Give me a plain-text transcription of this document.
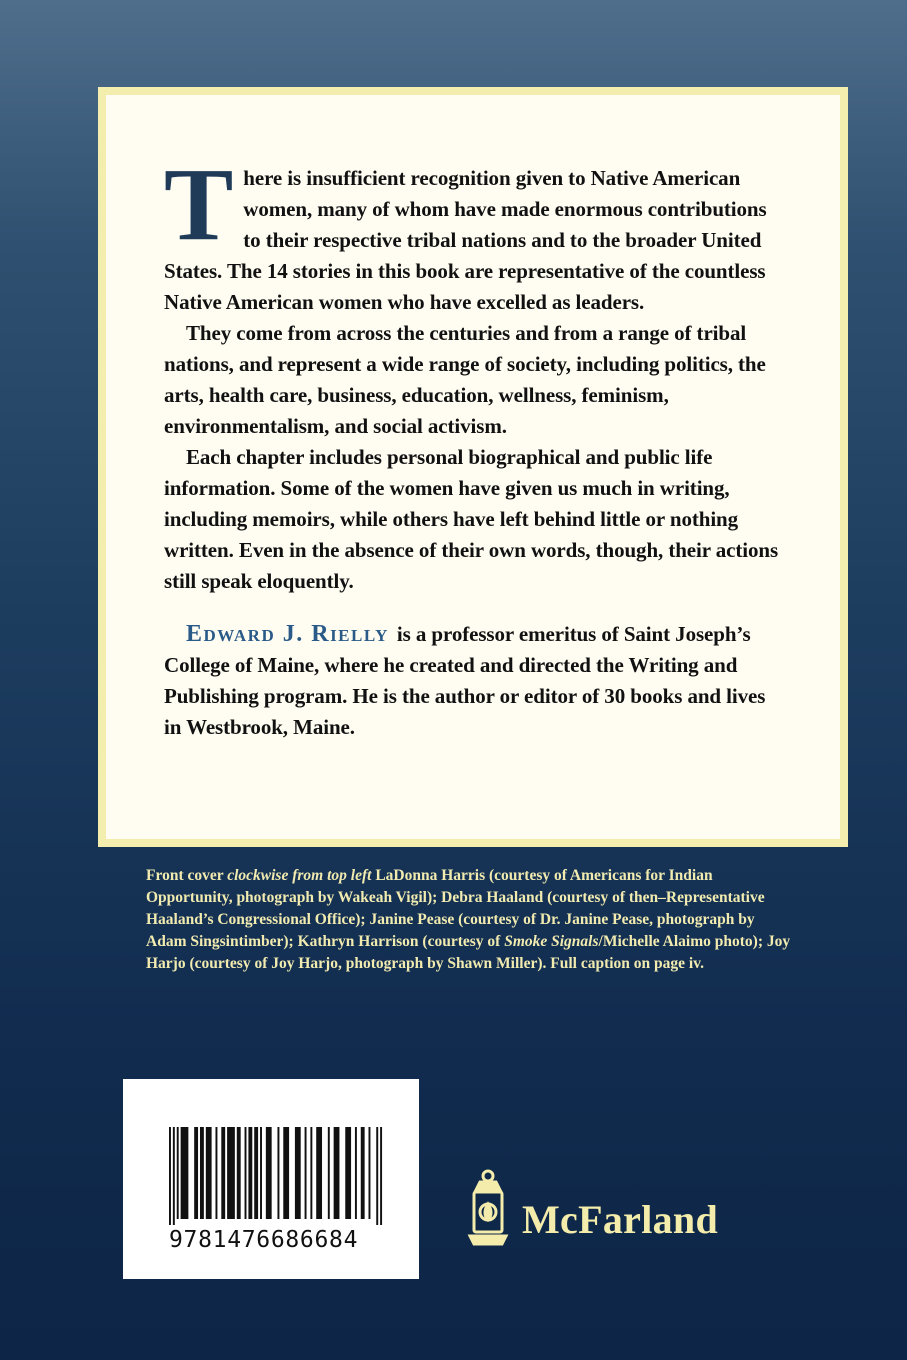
There is insufficient recognition given to Native American women, many of whom have made enormous contributions to their respective tribal nations and to the broader United States. The 14 stories in this book are representative of the countless Native American women who have excelled as leaders.

They come from across the centuries and from a range of tribal nations, and represent a wide range of society, including politics, the arts, health care, business, education, wellness, feminism, environmentalism, and social activism.

Each chapter includes personal biographical and public life information. Some of the women have given us much in writing, including memoirs, while others have left behind little or nothing written. Even in the absence of their own words, though, their actions still speak eloquently.

Edward J. Rielly is a professor emeritus of Saint Joseph’s College of Maine, where he created and directed the Writing and Publishing program. He is the author or editor of 30 books and lives in Westbrook, Maine.

Front cover clockwise from top left LaDonna Harris (courtesy of Americans for Indian Opportunity, photograph by Wakeah Vigil); Debra Haaland (courtesy of then–Representative Haaland’s Congressional Office); Janine Pease (courtesy of Dr. Janine Pease, photograph by Adam Singsintimber); Kathryn Harrison (courtesy of Smoke Signals/Michelle Alaimo photo); Joy Harjo (courtesy of Joy Harjo, photograph by Shawn Miller). Full caption on page iv.

9781476686684	McFarland
